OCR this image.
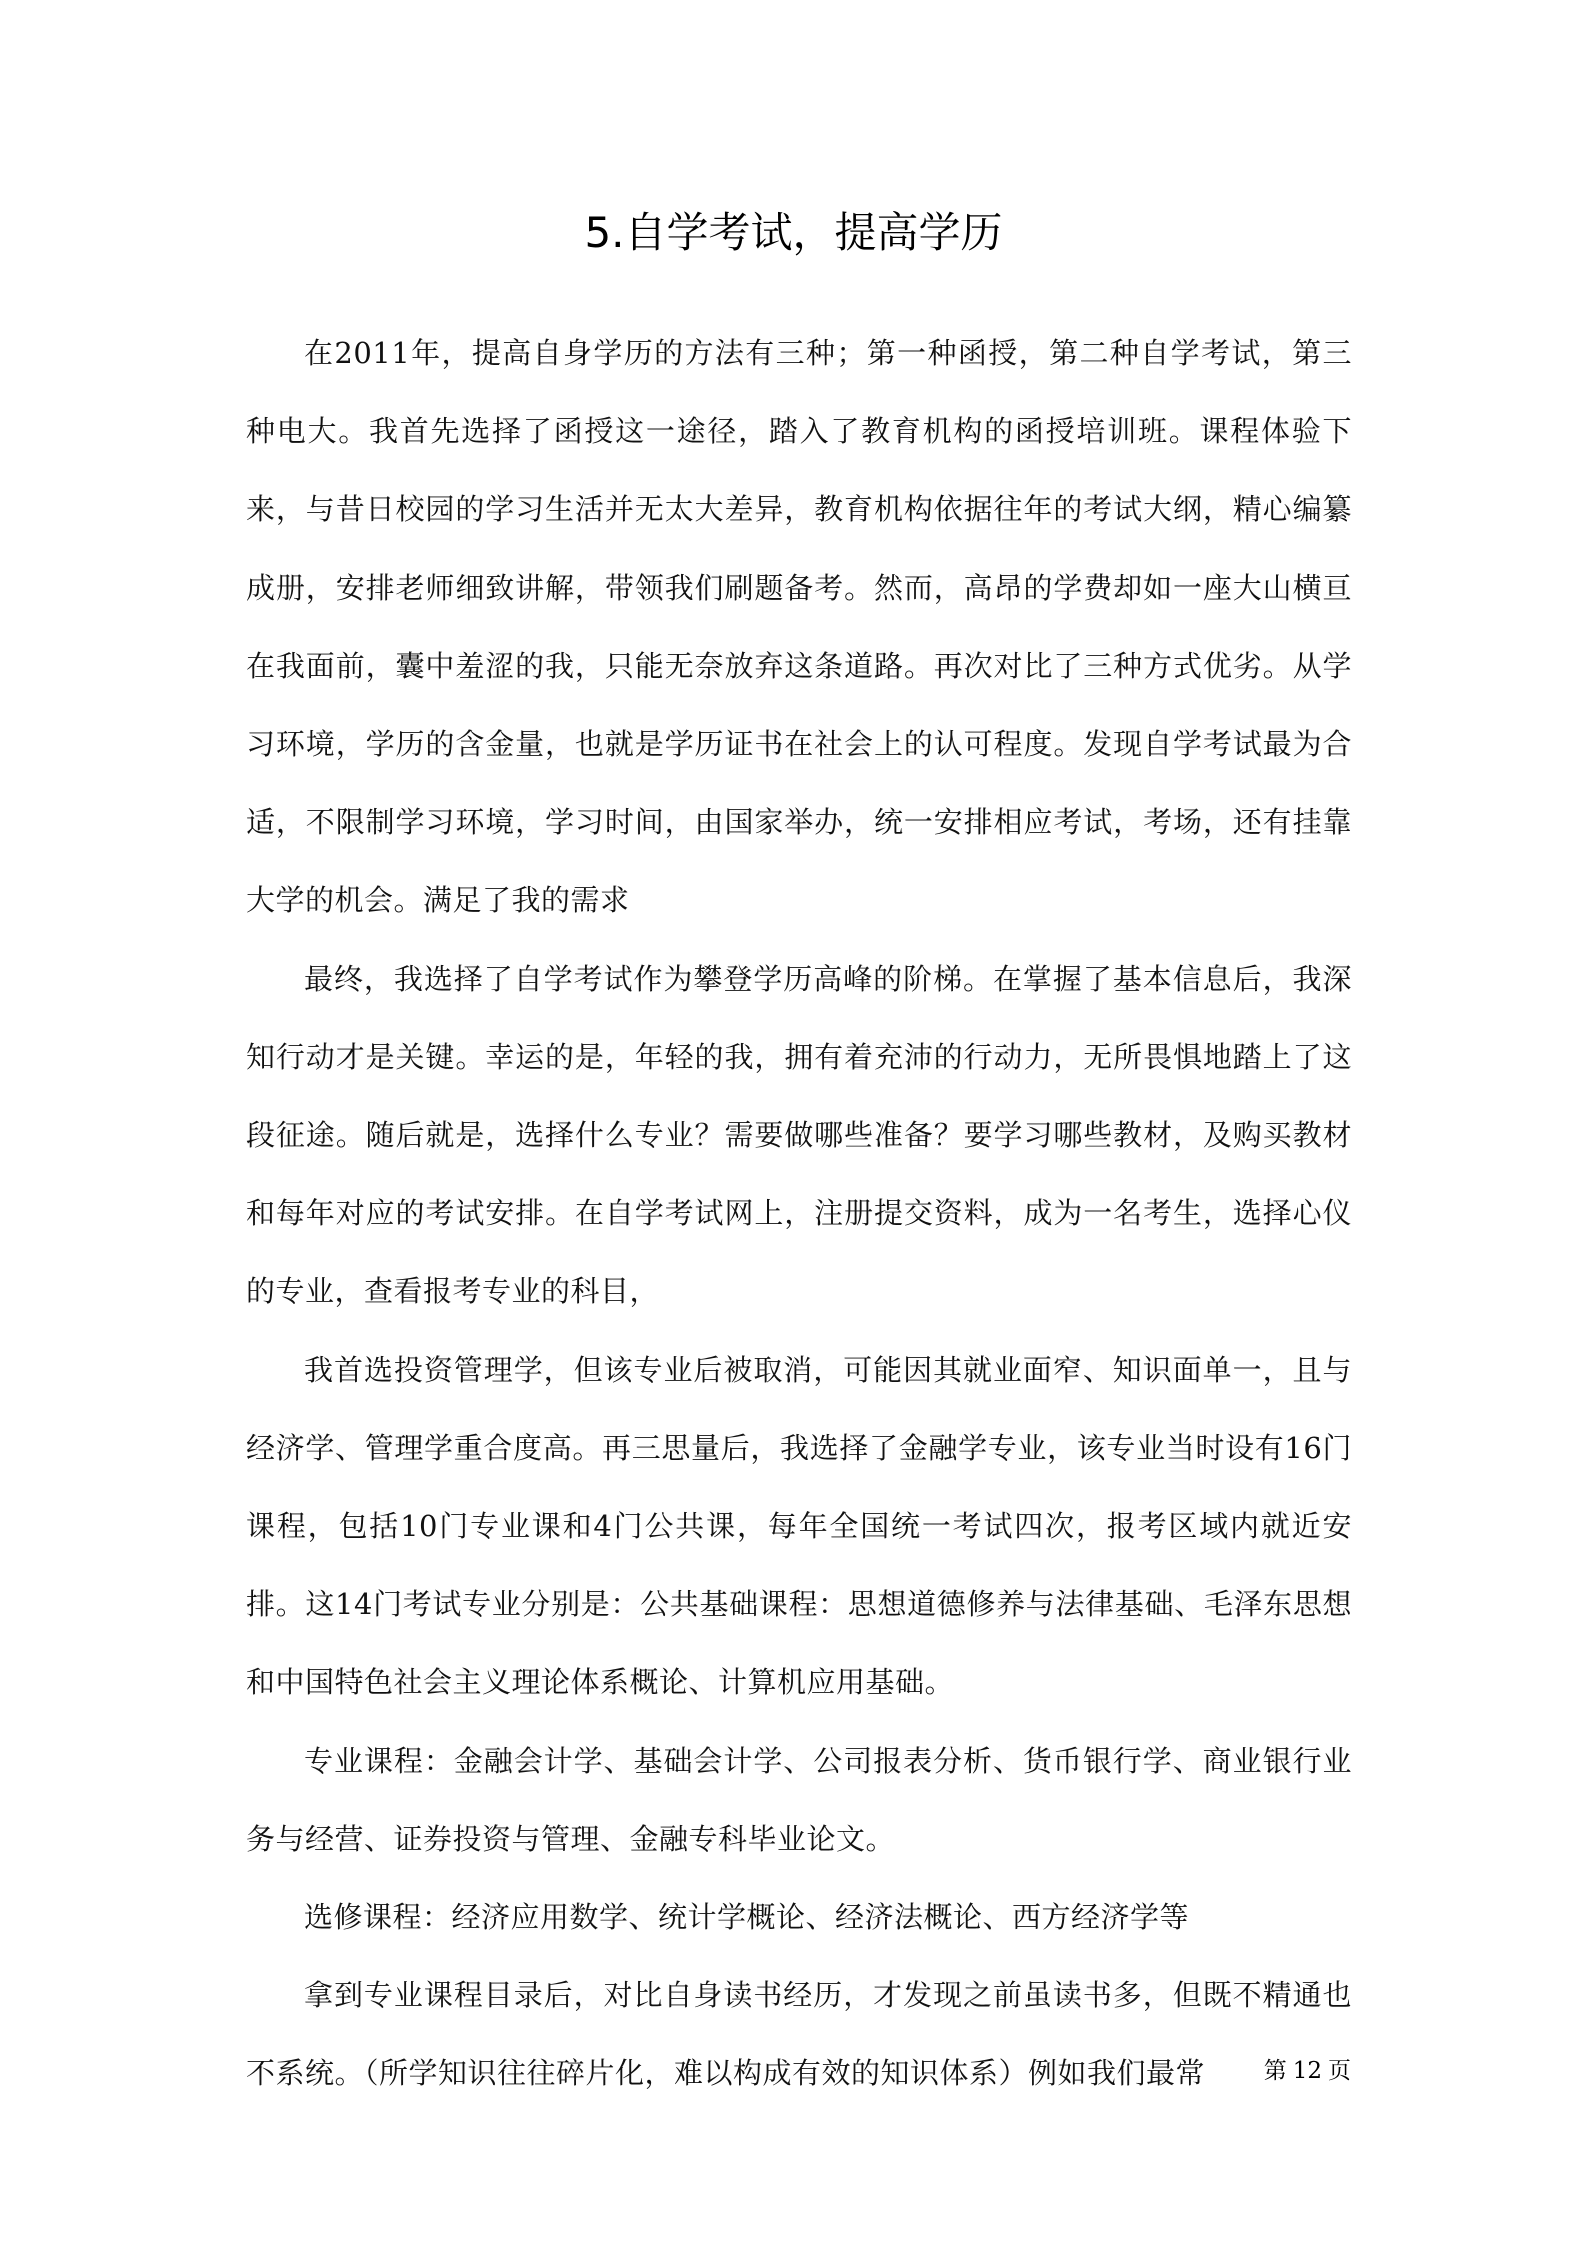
5.自学考试，提高学历

在2011年，提高自身学历的方法有三种；第一种函授，第二种自学考试，第三种电大。我首先选择了函授这一途径，踏入了教育机构的函授培训班。课程体验下来，与昔日校园的学习生活并无太大差异，教育机构依据往年的考试大纲，精心编纂成册，安排老师细致讲解，带领我们刷题备考。然而，高昂的学费却如一座大山横亘在我面前，囊中羞涩的我，只能无奈放弃这条道路。再次对比了三种方式优劣。从学习环境，学历的含金量，也就是学历证书在社会上的认可程度。发现自学考试最为合适，不限制学习环境，学习时间，由国家举办，统一安排相应考试，考场，还有挂靠大学的机会。满足了我的需求

最终，我选择了自学考试作为攀登学历高峰的阶梯。在掌握了基本信息后，我深知行动才是关键。幸运的是，年轻的我，拥有着充沛的行动力，无所畏惧地踏上了这段征途。随后就是，选择什么专业？需要做哪些准备？要学习哪些教材，及购买教材和每年对应的考试安排。在自学考试网上，注册提交资料，成为一名考生，选择心仪的专业，查看报考专业的科目，

我首选投资管理学，但该专业后被取消，可能因其就业面窄、知识面单一，且与经济学、管理学重合度高。再三思量后，我选择了金融学专业，该专业当时设有16门课程，包括10门专业课和4门公共课，每年全国统一考试四次，报考区域内就近安排。这14门考试专业分别是：公共基础课程：思想道德修养与法律基础、毛泽东思想和中国特色社会主义理论体系概论、计算机应用基础。

专业课程：金融会计学、基础会计学、公司报表分析、货币银行学、商业银行业务与经营、证券投资与管理、金融专科毕业论文。

选修课程：经济应用数学、统计学概论、经济法概论、西方经济学等

拿到专业课程目录后，对比自身读书经历，才发现之前虽读书多，但既不精通也不系统。（所学知识往往碎片化，难以构成有效的知识体系）例如我们最常	第 12 页
